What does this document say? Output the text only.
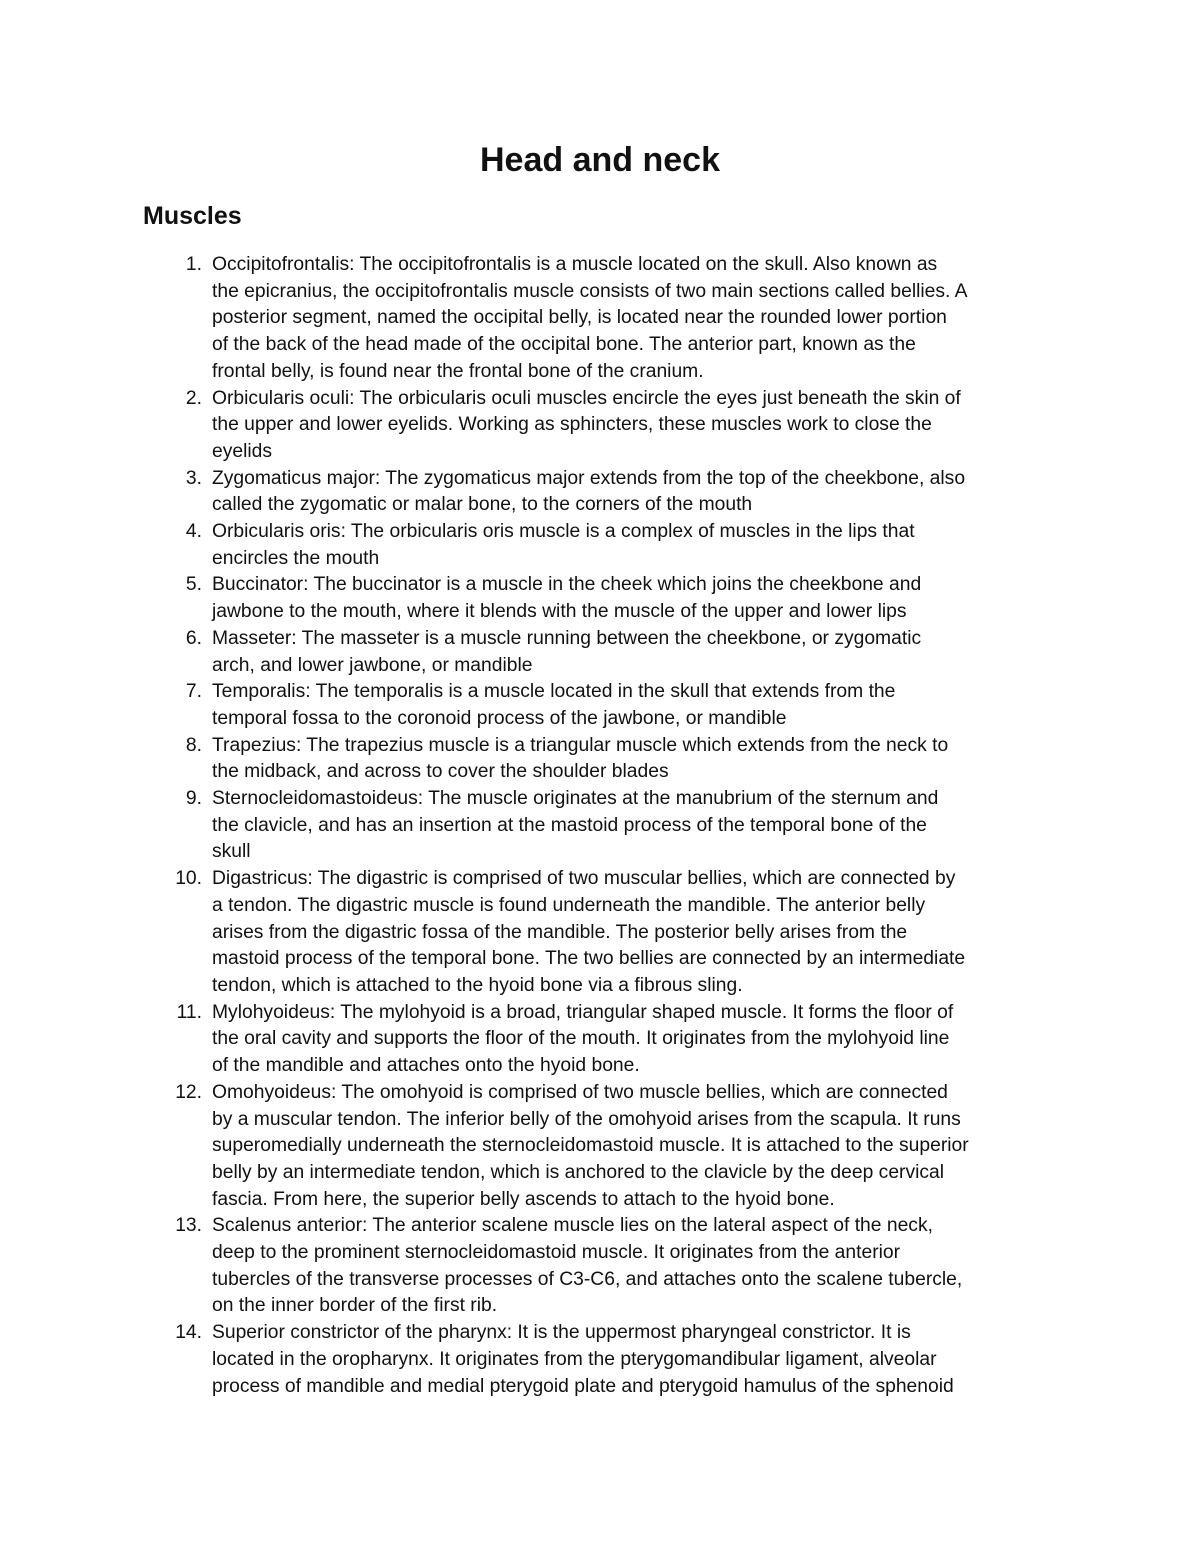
Head and neck
Muscles
1. Occipitofrontalis: The occipitofrontalis is a muscle located on the skull. Also known as
the epicranius, the occipitofrontalis muscle consists of two main sections called bellies. A
posterior segment, named the occipital belly, is located near the rounded lower portion
of the back of the head made of the occipital bone. The anterior part, known as the
frontal belly, is found near the frontal bone of the cranium.
2. Orbicularis oculi: The orbicularis oculi muscles encircle the eyes just beneath the skin of
the upper and lower eyelids. Working as sphincters, these muscles work to close the
eyelids
3. Zygomaticus major: The zygomaticus major extends from the top of the cheekbone, also
called the zygomatic or malar bone, to the corners of the mouth
4. Orbicularis oris: The orbicularis oris muscle is a complex of muscles in the lips that
encircles the mouth
5. Buccinator: The buccinator is a muscle in the cheek which joins the cheekbone and
jawbone to the mouth, where it blends with the muscle of the upper and lower lips
6. Masseter: The masseter is a muscle running between the cheekbone, or zygomatic
arch, and lower jawbone, or mandible
7. Temporalis: The temporalis is a muscle located in the skull that extends from the
temporal fossa to the coronoid process of the jawbone, or mandible
8. Trapezius: The trapezius muscle is a triangular muscle which extends from the neck to
the midback, and across to cover the shoulder blades
9. Sternocleidomastoideus: The muscle originates at the manubrium of the sternum and
the clavicle, and has an insertion at the mastoid process of the temporal bone of the
skull
10. Digastricus: The digastric is comprised of two muscular bellies, which are connected by
a tendon. The digastric muscle is found underneath the mandible. The anterior belly
arises from the digastric fossa of the mandible. The posterior belly arises from the
mastoid process of the temporal bone. The two bellies are connected by an intermediate
tendon, which is attached to the hyoid bone via a fibrous sling.
11. Mylohyoideus: The mylohyoid is a broad, triangular shaped muscle. It forms the floor of
the oral cavity and supports the floor of the mouth. It originates from the mylohyoid line
of the mandible and attaches onto the hyoid bone.
12. Omohyoideus: The omohyoid is comprised of two muscle bellies, which are connected
by a muscular tendon. The inferior belly of the omohyoid arises from the scapula. It runs
superomedially underneath the sternocleidomastoid muscle. It is attached to the superior
belly by an intermediate tendon, which is anchored to the clavicle by the deep cervical
fascia. From here, the superior belly ascends to attach to the hyoid bone.
13. Scalenus anterior: The anterior scalene muscle lies on the lateral aspect of the neck,
deep to the prominent sternocleidomastoid muscle. It originates from the anterior
tubercles of the transverse processes of C3-C6, and attaches onto the scalene tubercle,
on the inner border of the first rib.
14. Superior constrictor of the pharynx: It is the uppermost pharyngeal constrictor. It is
located in the oropharynx. It originates from the pterygomandibular ligament, alveolar
process of mandible and medial pterygoid plate and pterygoid hamulus of the sphenoid
